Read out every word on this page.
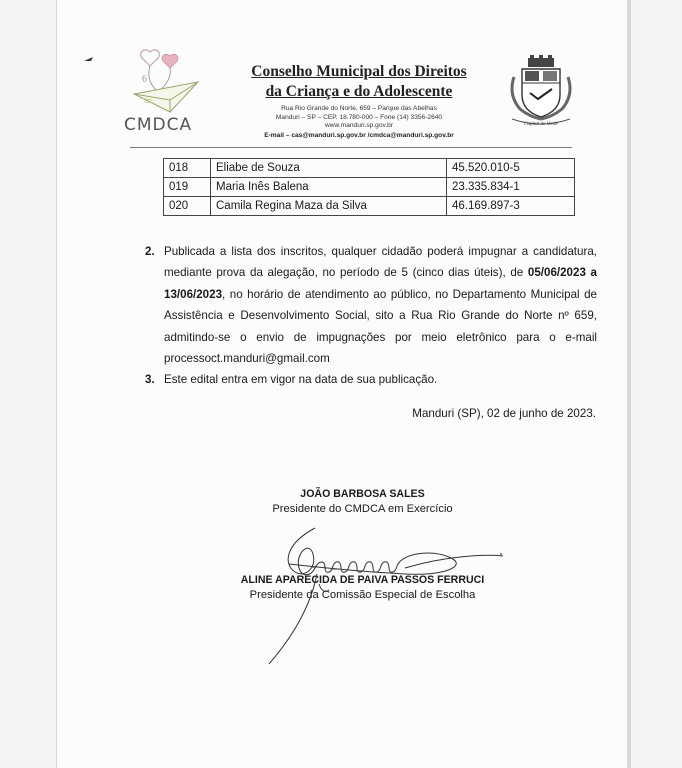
6
CMDCA
Conselho Municipal dos Direitos
da Criança e do Adolescente
Rua Rio Grande do Norte, 659 – Parque das Abelhas
Manduri – SP – CEP. 18.780-000 – Fone (14) 3356-2640
www.manduri.sp.gov.br
E-mail – cas@manduri.sp.gov.br /cmdca@manduri.sp.gov.br
Capital do Verde
018	Eliabe de Souza	45.520.010-5
019	Maria Inês Balena	23.335.834-1
020	Camila Regina Maza da Silva	46.169.897-3
2. Publicada a lista dos inscritos, qualquer cidadão poderá impugnar a candidatura, mediante prova da alegação, no período de 5 (cinco dias úteis), de 05/06/2023 a 13/06/2023, no horário de atendimento ao público, no Departamento Municipal de Assistência e Desenvolvimento Social, sito a Rua Rio Grande do Norte nº 659, admitindo-se o envio de impugnações por meio eletrônico para o e-mail processoct.manduri@gmail.com
3. Este edital entra em vigor na data de sua publicação.
Manduri (SP), 02 de junho de 2023.
JOÃO BARBOSA SALES
Presidente do CMDCA em Exercício
ALINE APARECIDA DE PAIVA PASSOS FERRUCI
Presidente da Comissão Especial de Escolha
